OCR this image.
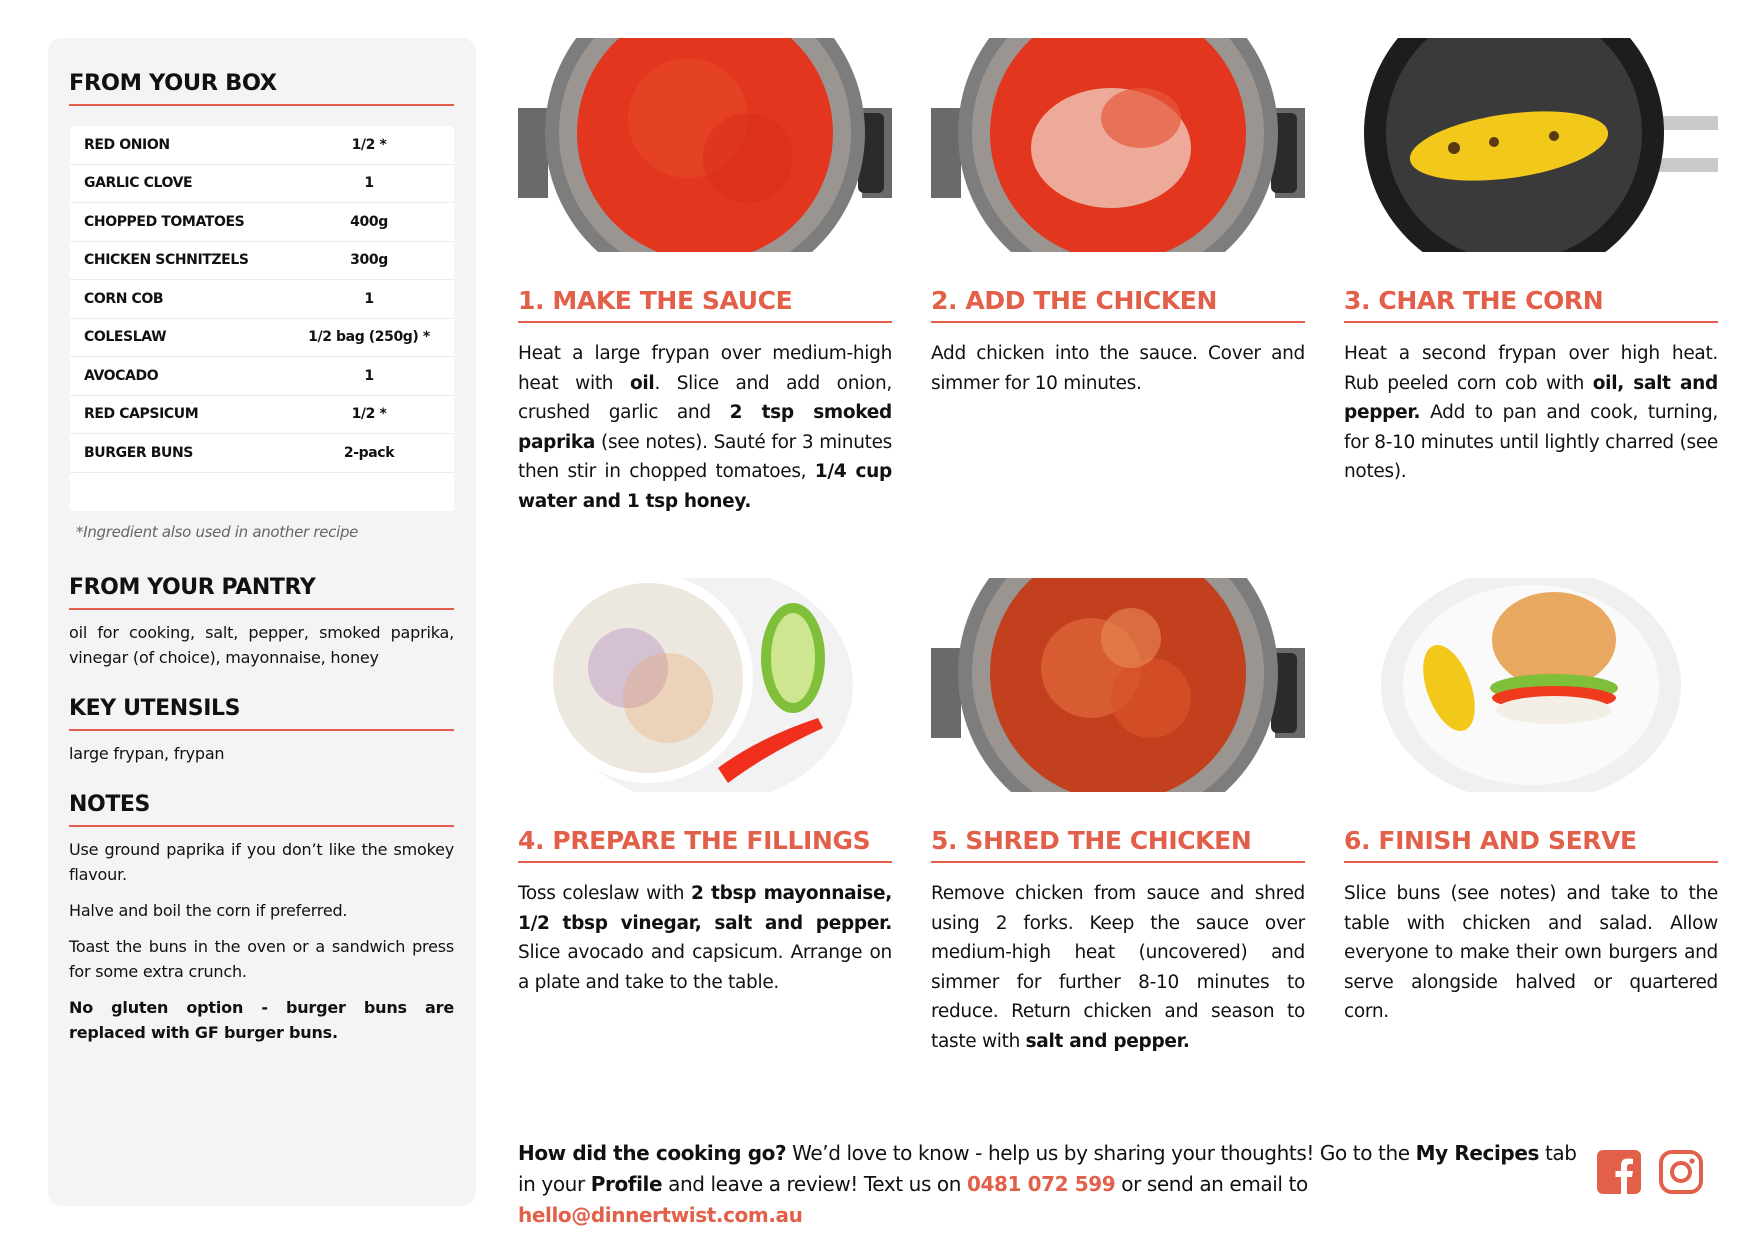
FROM YOUR BOX
RED ONION	1/2 *
GARLIC CLOVE	1
CHOPPED TOMATOES	400g
CHICKEN SCHNITZELS	300g
CORN COB	1
COLESLAW	1/2 bag (250g) *
AVOCADO	1
RED CAPSICUM	1/2 *
BURGER BUNS	2-pack
*Ingredient also used in another recipe
FROM YOUR PANTRY
oil for cooking, salt, pepper, smoked paprika, vinegar (of choice), mayonnaise, honey
KEY UTENSILS
large frypan, frypan
NOTES

Use ground paprika if you don’t like the smokey flavour.

Halve and boil the corn if preferred.

Toast the buns in the oven or a sandwich press for some extra crunch.

No gluten option - burger buns are replaced with GF burger buns.

1. MAKE THE SAUCE
Heat a large frypan over medium-high heat with oil. Slice and add onion, crushed garlic and 2 tsp smoked paprika (see notes). Sauté for 3 minutes then stir in chopped tomatoes, 1/4 cup water and 1 tsp honey.
2. ADD THE CHICKEN
Add chicken into the sauce. Cover and simmer for 10 minutes.
3. CHAR THE CORN
Heat a second frypan over high heat. Rub peeled corn cob with oil, salt and pepper. Add to pan and cook, turning, for 8-10 minutes until lightly charred (see notes).
4. PREPARE THE FILLINGS
Toss coleslaw with 2 tbsp mayonnaise, 1/2 tbsp vinegar, salt and pepper. Slice avocado and capsicum. Arrange on a plate and take to the table.
5. SHRED THE CHICKEN
Remove chicken from sauce and shred using 2 forks. Keep the sauce over medium-high heat (uncovered) and simmer for further 8-10 minutes to reduce. Return chicken and season to taste with salt and pepper.
6. FINISH AND SERVE
Slice buns (see notes) and take to the table with chicken and salad. Allow everyone to make their own burgers and serve alongside halved or quartered corn.
How did the cooking go? We’d love to know - help us by sharing your thoughts! Go to the My Recipes tab in your Profile and leave a review! Text us on 0481 072 599 or send an email to hello@dinnertwist.com.au
